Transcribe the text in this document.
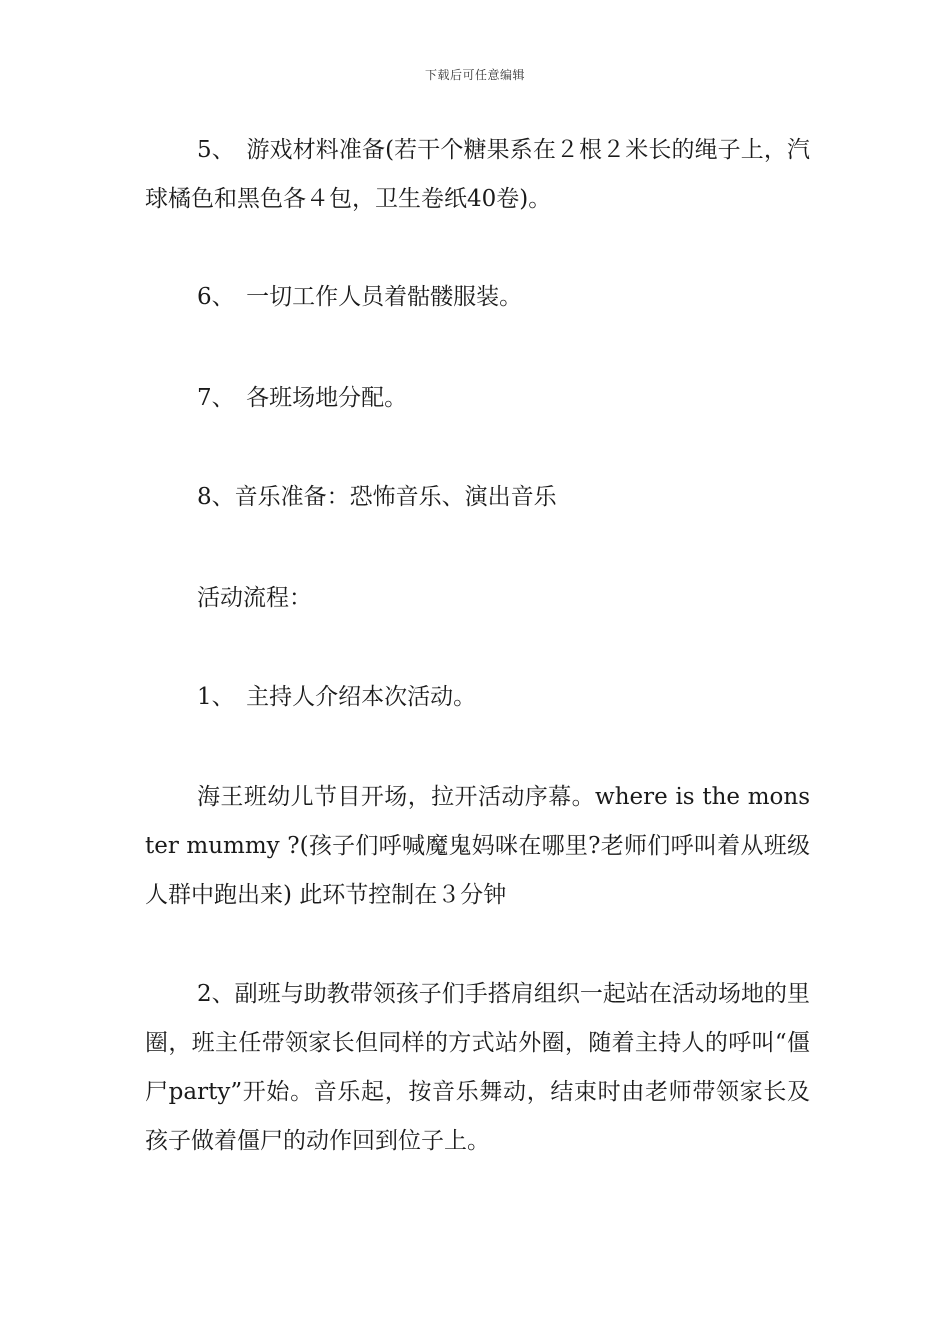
下载后可任意编辑

5、　游戏材料准备(若干个糖果系在２根２米长的绳子上，汽球橘色和黑色各４包，卫生卷纸40卷)。

6、　一切工作人员着骷髅服装。

7、　各班场地分配。

8、音乐准备：恐怖音乐、演出音乐

活动流程：

1、　主持人介绍本次活动。

海王班幼儿节目开场，拉开活动序幕。where is the monster mummy ?(孩子们呼喊魔鬼妈咪在哪里?老师们呼叫着从班级人群中跑出来) 此环节控制在３分钟

2、副班与助教带领孩子们手搭肩组织一起站在活动场地的里圈，班主任带领家长但同样的方式站外圈，随着主持人的呼叫“僵尸party”开始。音乐起，按音乐舞动，结束时由老师带领家长及孩子做着僵尸的动作回到位子上。
